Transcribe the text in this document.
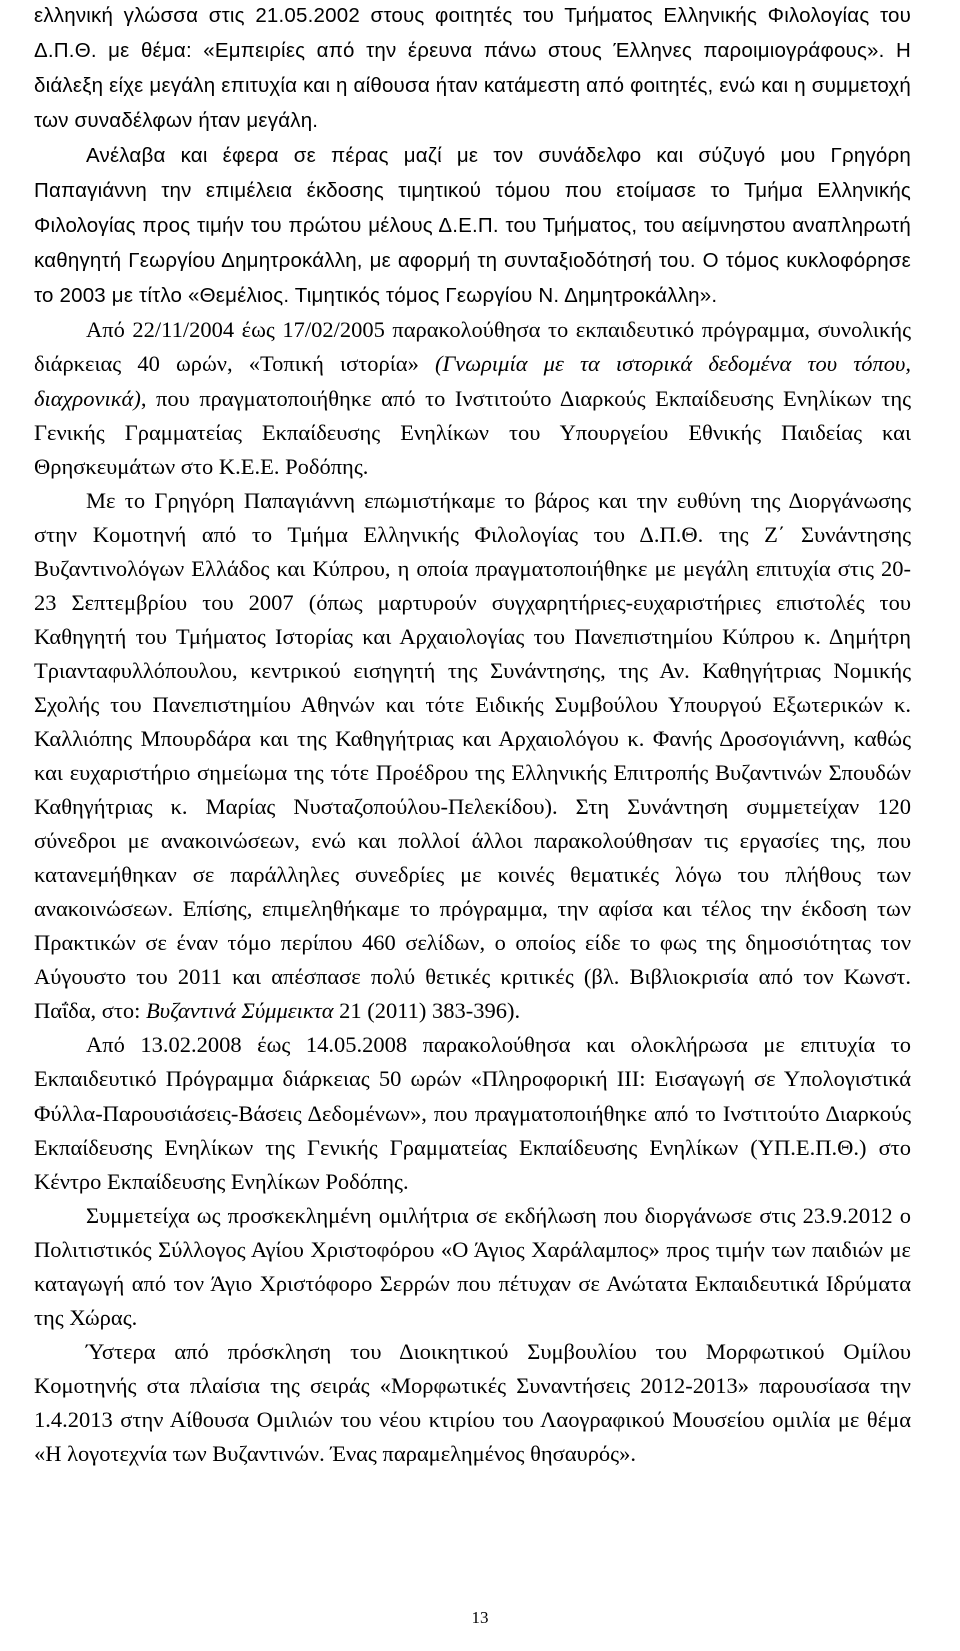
ελληνική γλώσσα στις 21.05.2002 στους φοιτητές του Τμήματος Ελληνικής Φιλολογίας του Δ.Π.Θ. με θέμα: «Εμπειρίες από την έρευνα πάνω στους Έλληνες παροιμιογράφους». Η διάλεξη είχε μεγάλη επιτυχία και η αίθουσα ήταν κατάμεστη από φοιτητές, ενώ και η συμμετοχή των συναδέλφων ήταν μεγάλη.

Ανέλαβα και έφερα σε πέρας μαζί με τον συνάδελφο και σύζυγό μου Γρηγόρη Παπαγιάννη την επιμέλεια έκδοσης τιμητικού τόμου που ετοίμασε το Τμήμα Ελληνικής Φιλολογίας προς τιμήν του πρώτου μέλους Δ.Ε.Π. του Τμήματος, του αείμνηστου αναπληρωτή καθηγητή Γεωργίου Δημητροκάλλη, με αφορμή τη συνταξιοδότησή του. Ο τόμος κυκλοφόρησε το 2003 με τίτλο «Θεμέλιος. Τιμητικός τόμος Γεωργίου Ν. Δημητροκάλλη».

Από 22/11/2004 έως 17/02/2005 παρακολούθησα το εκπαιδευτικό πρόγραμμα, συνολικής διάρκειας 40 ωρών, «Τοπική ιστορία» (Γνωριμία με τα ιστορικά δεδομένα του τόπου, διαχρονικά), που πραγματοποιήθηκε από το Ινστιτούτο Διαρκούς Εκπαίδευσης Ενηλίκων της Γενικής Γραμματείας Εκπαίδευσης Ενηλίκων του Υπουργείου Εθνικής Παιδείας και Θρησκευμάτων στο Κ.Ε.Ε. Ροδόπης.

Με το Γρηγόρη Παπαγιάννη επωμιστήκαμε το βάρος και την ευθύνη της Διοργάνωσης στην Κομοτηνή από το Τμήμα Ελληνικής Φιλολογίας του Δ.Π.Θ. της Ζ΄ Συνάντησης Βυζαντινολόγων Ελλάδος και Κύπρου, η οποία πραγματοποιήθηκε με μεγάλη επιτυχία στις 20-23 Σεπτεμβρίου του 2007 (όπως μαρτυρούν συγχαρητήριες-ευχαριστήριες επιστολές του Καθηγητή του Τμήματος Ιστορίας και Αρχαιολογίας του Πανεπιστημίου Κύπρου κ. Δημήτρη Τριανταφυλλόπουλου, κεντρικού εισηγητή της Συνάντησης, της Αν. Καθηγήτριας Νομικής Σχολής του Πανεπιστημίου Αθηνών και τότε Ειδικής Συμβούλου Υπουργού Εξωτερικών κ. Καλλιόπης Μπουρδάρα και της Καθηγήτριας και Αρχαιολόγου κ. Φανής Δροσογιάννη, καθώς και ευχαριστήριο σημείωμα της τότε Προέδρου της Ελληνικής Επιτροπής Βυζαντινών Σπουδών Καθηγήτριας κ. Μαρίας Νυσταζοπούλου-Πελεκίδου). Στη Συνάντηση συμμετείχαν 120 σύνεδροι με ανακοινώσεων, ενώ και πολλοί άλλοι παρακολούθησαν τις εργασίες της, που κατανεμήθηκαν σε παράλληλες συνεδρίες με κοινές θεματικές λόγω του πλήθους των ανακοινώσεων. Επίσης, επιμεληθήκαμε το πρόγραμμα, την αφίσα και τέλος την έκδοση των Πρακτικών σε έναν τόμο περίπου 460 σελίδων, ο οποίος είδε το φως της δημοσιότητας τον Αύγουστο του 2011 και απέσπασε πολύ θετικές κριτικές (βλ. Βιβλιοκρισία από τον Κωνστ. Παΐδα, στο: Βυζαντινά Σύμμεικτα 21 (2011) 383-396).

Από 13.02.2008 έως 14.05.2008 παρακολούθησα και ολοκλήρωσα με επιτυχία το Εκπαιδευτικό Πρόγραμμα διάρκειας 50 ωρών «Πληροφορική ΙΙΙ: Εισαγωγή σε Υπολογιστικά Φύλλα-Παρουσιάσεις-Βάσεις Δεδομένων», που πραγματοποιήθηκε από το Ινστιτούτο Διαρκούς Εκπαίδευσης Ενηλίκων της Γενικής Γραμματείας Εκπαίδευσης Ενηλίκων (ΥΠ.Ε.Π.Θ.) στο Κέντρο Εκπαίδευσης Ενηλίκων Ροδόπης.

Συμμετείχα ως προσκεκλημένη ομιλήτρια σε εκδήλωση που διοργάνωσε στις 23.9.2012 ο Πολιτιστικός Σύλλογος Αγίου Χριστοφόρου «Ο Άγιος Χαράλαμπος» προς τιμήν των παιδιών με καταγωγή από τον Άγιο Χριστόφορο Σερρών που πέτυχαν σε Ανώτατα Εκπαιδευτικά Ιδρύματα της Χώρας.

Ύστερα από πρόσκληση του Διοικητικού Συμβουλίου του Μορφωτικού Ομίλου Κομοτηνής στα πλαίσια της σειράς «Μορφωτικές Συναντήσεις 2012-2013» παρουσίασα την 1.4.2013 στην Αίθουσα Ομιλιών του νέου κτιρίου του Λαογραφικού Μουσείου ομιλία με θέμα «Η λογοτεχνία των Βυζαντινών. Ένας παραμελημένος θησαυρός».

13
